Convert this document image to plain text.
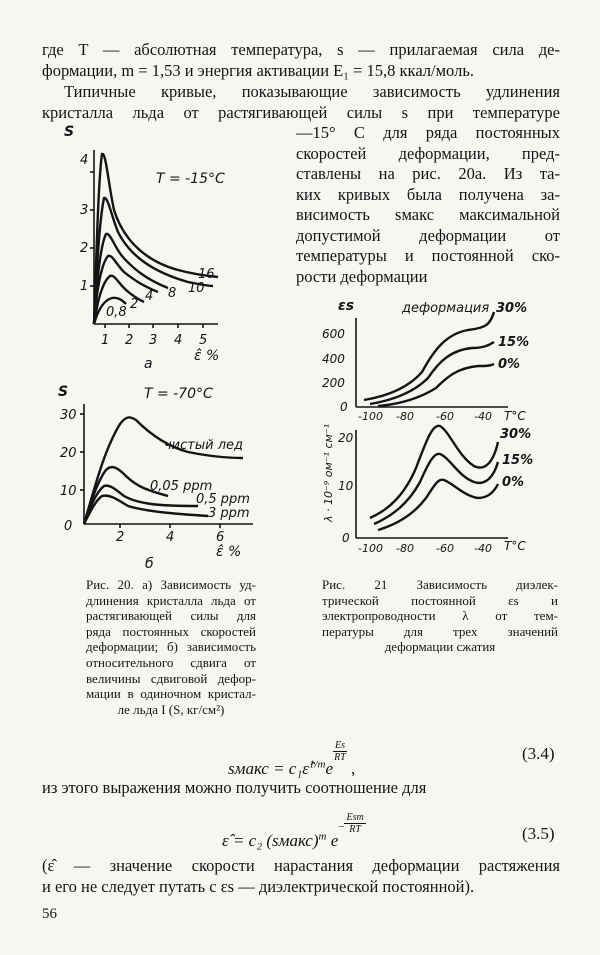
где T — абсолютная температура, s — прилагаемая сила де-
формации, m = 1,53 и энергия активации E₁ = 15,8 ккал/моль.
Типичные кривые, показывающие зависимость удлинения
кристалла льда от растягивающей силы s при температуре
—15° C для ряда постоянных
скоростей деформации, пред-
ставлены на рис. 20а. Из та-
ких кривых была получена за-
висимость sмакс максимальной
допустимой деформации от
температуры и постоянной ско-
рости деформации
S
T = -15°C
1
2
3
4
1 2 3 4 5
ε̂ %
a
0,8
2
4 8 10
16
S	T = -70°C
0
10
20
30
2	4	6
ε̂ %
б
чистый лед
0,05 ppm
0,5 ppm
3 ppm
εs	деформация
0
200
400
600
-100 -80 -60 -40 T°C
30%
15%
0%
λ · 10⁻⁹ ом⁻¹ см⁻¹
0
10
20
-100 -80 -60 -40 T°C
30%
15%
0%
Рис. 20. а) Зависимость уд-
длинения кристалла льда от
растягивающей силы для
ряда постоянных скоростей
деформации; б) зависимость
относительного сдвига от
величины сдвиговой дефор-
мации в одиночном кристал-
ле льда I (S, кг/см²)
Рис. 21 Зависимость диэлек-
трической постоянной εs и
электропроводности λ от тем-
пературы для трех значений
деформации сжатия
sмакс = c₁ε̂$^{1/m}$e
$\frac{Es}{RT}$
,
(3.4)
из этого выражения можно получить соотношение для
ε̂ = c₂ (sмакс)$^m$ e−
Esm
RT	(3.5)
(ε̂ — значение скорости нарастания деформации растяжения
и его не следует путать с εs — диэлектрической постоянной).
56
